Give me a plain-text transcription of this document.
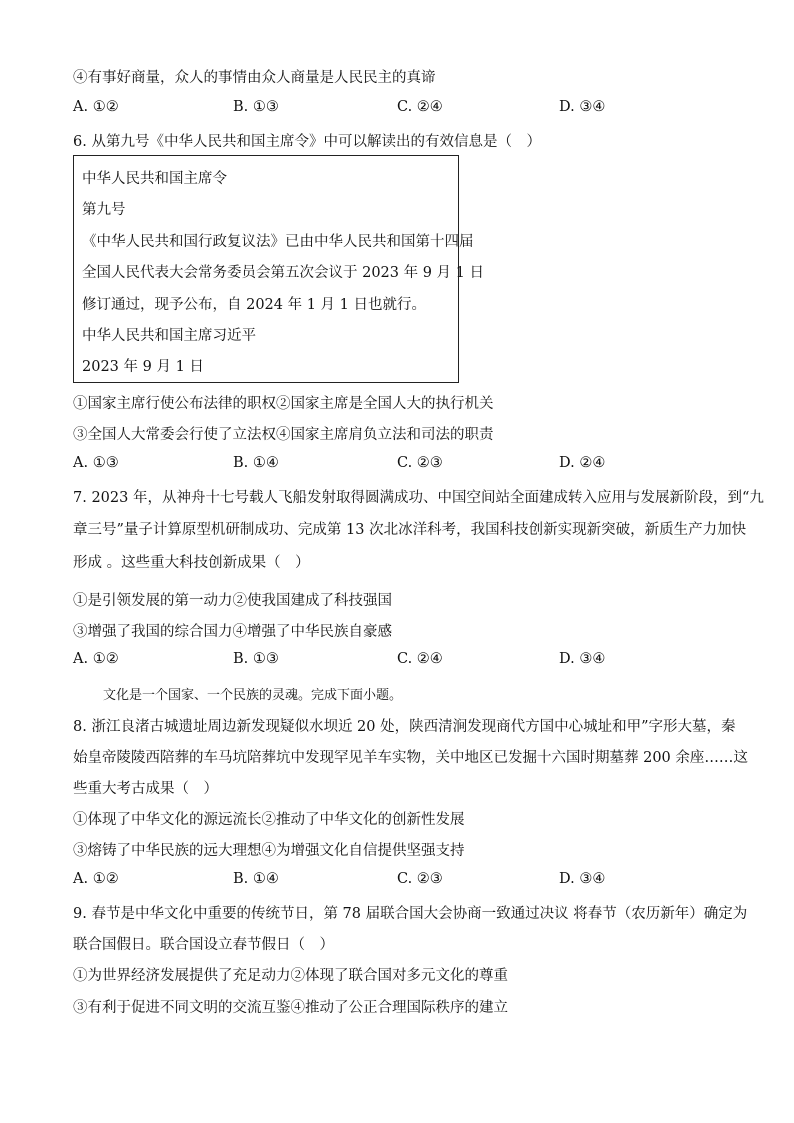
④有事好商量，众人的事情由众人商量是人民民主的真谛
A. ①②	B. ①③	C. ②④	D. ③④
6. 从第九号《中华人民共和国主席令》中可以解读出的有效信息是（　）
中华人民共和国主席令
第九号
《中华人民共和国行政复议法》已由中华人民共和国第十四届
全国人民代表大会常务委员会第五次会议于 2023 年 9 月 1 日
修订通过，现予公布，自 2024 年 1 月 1 日也就行。
中华人民共和国主席习近平
2023 年 9 月 1 日
①国家主席行使公布法律的职权②国家主席是全国人大的执行机关
③全国人大常委会行使了立法权④国家主席肩负立法和司法的职责
A. ①③	B. ①④	C. ②③	D. ②④
7. 2023 年，从神舟十七号载人飞船发射取得圆满成功、中国空间站全面建成转入应用与发展新阶段，到“九
章三号”量子计算原型机研制成功、完成第 13 次北冰洋科考，我国科技创新实现新突破，新质生产力加快
形成 。这些重大科技创新成果（　）
①是引领发展的第一动力②使我国建成了科技强国
③增强了我国的综合国力④增强了中华民族自豪感
A. ①②	B. ①③	C. ②④	D. ③④
文化是一个国家、一个民族的灵魂。完成下面小题。
8. 浙江良渚古城遗址周边新发现疑似水坝近 20 处，陕西清涧发现商代方国中心城址和甲”字形大墓，秦
始皇帝陵陵西陪葬的车马坑陪葬坑中发现罕见羊车实物，关中地区已发掘十六国时期墓葬 200 余座……这
些重大考古成果（　）
①体现了中华文化的源远流长②推动了中华文化的创新性发展
③熔铸了中华民族的远大理想④为增强文化自信提供坚强支持
A. ①②	B. ①④	C. ②③	D. ③④
9. 春节是中华文化中重要的传统节日，第 78 届联合国大会协商一致通过决议 将春节（农历新年）确定为
联合国假日。联合国设立春节假日（　）
①为世界经济发展提供了充足动力②体现了联合国对多元文化的尊重
③有利于促进不同文明的交流互鉴④推动了公正合理国际秩序的建立
